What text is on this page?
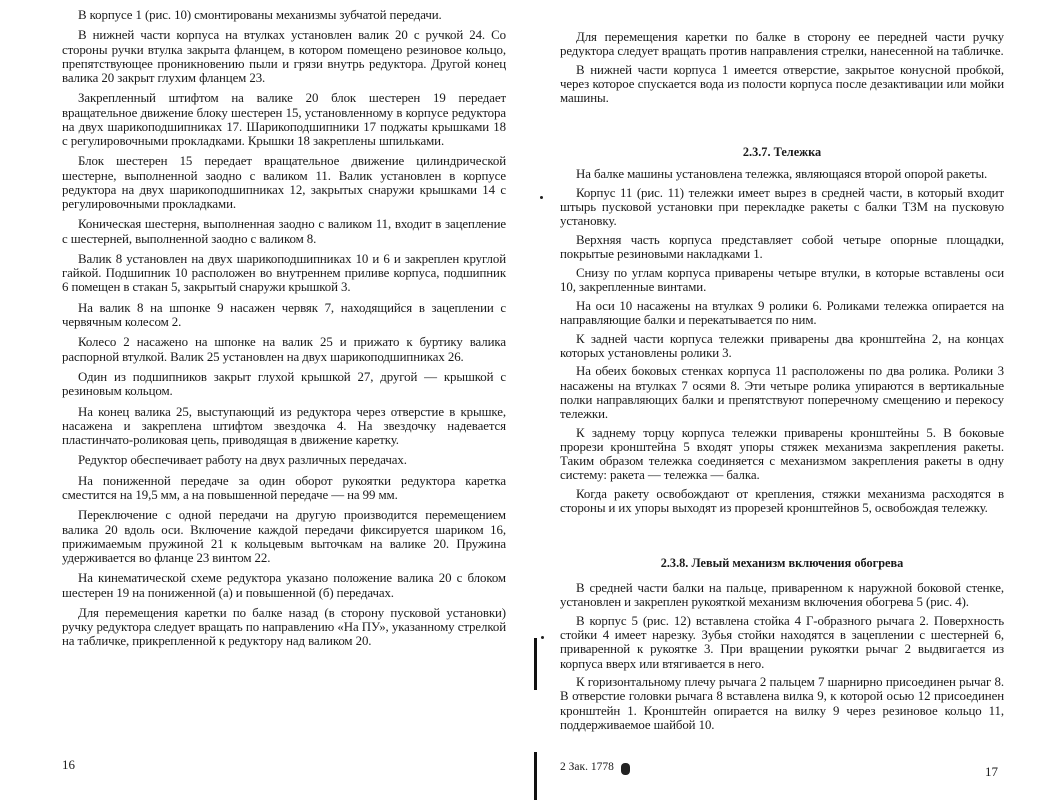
В корпусе 1 (рис. 10) смонтированы механизмы зубчатой передачи.

В нижней части корпуса на втулках установлен валик 20 с ручкой 24. Со стороны ручки втулка закрыта фланцем, в котором помещено резиновое кольцо, препятствующее проникновению пыли и грязи внутрь редуктора. Другой конец валика 20 закрыт глухим фланцем 23.

Закрепленный штифтом на валике 20 блок шестерен 19 передает вращательное движение блоку шестерен 15, установленному в корпусе редуктора на двух шарикоподшипниках 17. Шарикоподшипники 17 поджаты крышками 18 с регулировочными прокладками. Крышки 18 закреплены шпильками.

Блок шестерен 15 передает вращательное движение цилиндрической шестерне, выполненной заодно с валиком 11. Валик установлен в корпусе редуктора на двух шарикоподшипниках 12, закрытых снаружи крышками 14 с регулировочными прокладками.

Коническая шестерня, выполненная заодно с валиком 11, входит в зацепление с шестерней, выполненной заодно с валиком 8.

Валик 8 установлен на двух шарикоподшипниках 10 и 6 и закреплен круглой гайкой. Подшипник 10 расположен во внутреннем приливе корпуса, подшипник 6 помещен в стакан 5, закрытый снаружи крышкой 3.

На валик 8 на шпонке 9 насажен червяк 7, находящийся в зацеплении с червячным колесом 2.

Колесо 2 насажено на шпонке на валик 25 и прижато к буртику валика распорной втулкой. Валик 25 установлен на двух шарикоподшипниках 26.

Один из подшипников закрыт глухой крышкой 27, другой — крышкой с резиновым кольцом.

На конец валика 25, выступающий из редуктора через отверстие в крышке, насажена и закреплена штифтом звездочка 4. На звездочку надевается пластинчато-роликовая цепь, приводящая в движение каретку.

Редуктор обеспечивает работу на двух различных передачах.

На пониженной передаче за один оборот рукоятки редуктора каретка сместится на 19,5 мм, а на повышенной передаче — на 99 мм.

Переключение с одной передачи на другую производится перемещением валика 20 вдоль оси. Включение каждой передачи фиксируется шариком 16, прижимаемым пружиной 21 к кольцевым выточкам на валике 20. Пружина удерживается во фланце 23 винтом 22.

На кинематической схеме редуктора указано положение валика 20 с блоком шестерен 19 на пониженной (а) и повышенной (б) передачах.

Для перемещения каретки по балке назад (в сторону пусковой установки) ручку редуктора следует вращать по направлению «На ПУ», указанному стрелкой на табличке, прикрепленной к редуктору над валиком 20.

16

Для перемещения каретки по балке в сторону ее передней части ручку редуктора следует вращать против направления стрелки, нанесенной на табличке.

В нижней части корпуса 1 имеется отверстие, закрытое конусной пробкой, через которое спускается вода из полости корпуса после дезактивации или мойки машины.

2.3.7. Тележка

На балке машины установлена тележка, являющаяся второй опорой ракеты.

Корпус 11 (рис. 11) тележки имеет вырез в средней части, в который входит штырь пусковой установки при перекладке ракеты с балки ТЗМ на пусковую установку.

Верхняя часть корпуса представляет собой четыре опорные площадки, покрытые резиновыми накладками 1.

Снизу по углам корпуса приварены четыре втулки, в которые вставлены оси 10, закрепленные винтами.

На оси 10 насажены на втулках 9 ролики 6. Роликами тележка опирается на направляющие балки и перекатывается по ним.

К задней части корпуса тележки приварены два кронштейна 2, на концах которых установлены ролики 3.

На обеих боковых стенках корпуса 11 расположены по два ролика. Ролики 3 насажены на втулках 7 осями 8. Эти четыре ролика упираются в вертикальные полки направляющих балки и препятствуют поперечному смещению и перекосу тележки.

К заднему торцу корпуса тележки приварены кронштейны 5. В боковые прорези кронштейна 5 входят упоры стяжек механизма закрепления ракеты. Таким образом тележка соединяется с механизмом закрепления ракеты в одну систему: ракета — тележка — балка.

Когда ракету освобождают от крепления, стяжки механизма расходятся в стороны и их упоры выходят из прорезей кронштейнов 5, освобождая тележку.

2.3.8. Левый механизм включения обогрева

В средней части балки на пальце, приваренном к наружной боковой стенке, установлен и закреплен рукояткой механизм включения обогрева 5 (рис. 4).

В корпус 5 (рис. 12) вставлена стойка 4 Г-образного рычага 2. Поверхность стойки 4 имеет нарезку. Зубья стойки находятся в зацеплении с шестерней 6, приваренной к рукоятке 3. При вращении рукоятки рычаг 2 выдвигается из корпуса вверх или втягивается в него.

К горизонтальному плечу рычага 2 пальцем 7 шарнирно присоединен рычаг 8. В отверстие головки рычага 8 вставлена вилка 9, к которой осью 12 присоединен кронштейн 1. Кронштейн опирается на вилку 9 через резиновое кольцо 11, поддерживаемое шайбой 10.

2 Зак. 1778	17
